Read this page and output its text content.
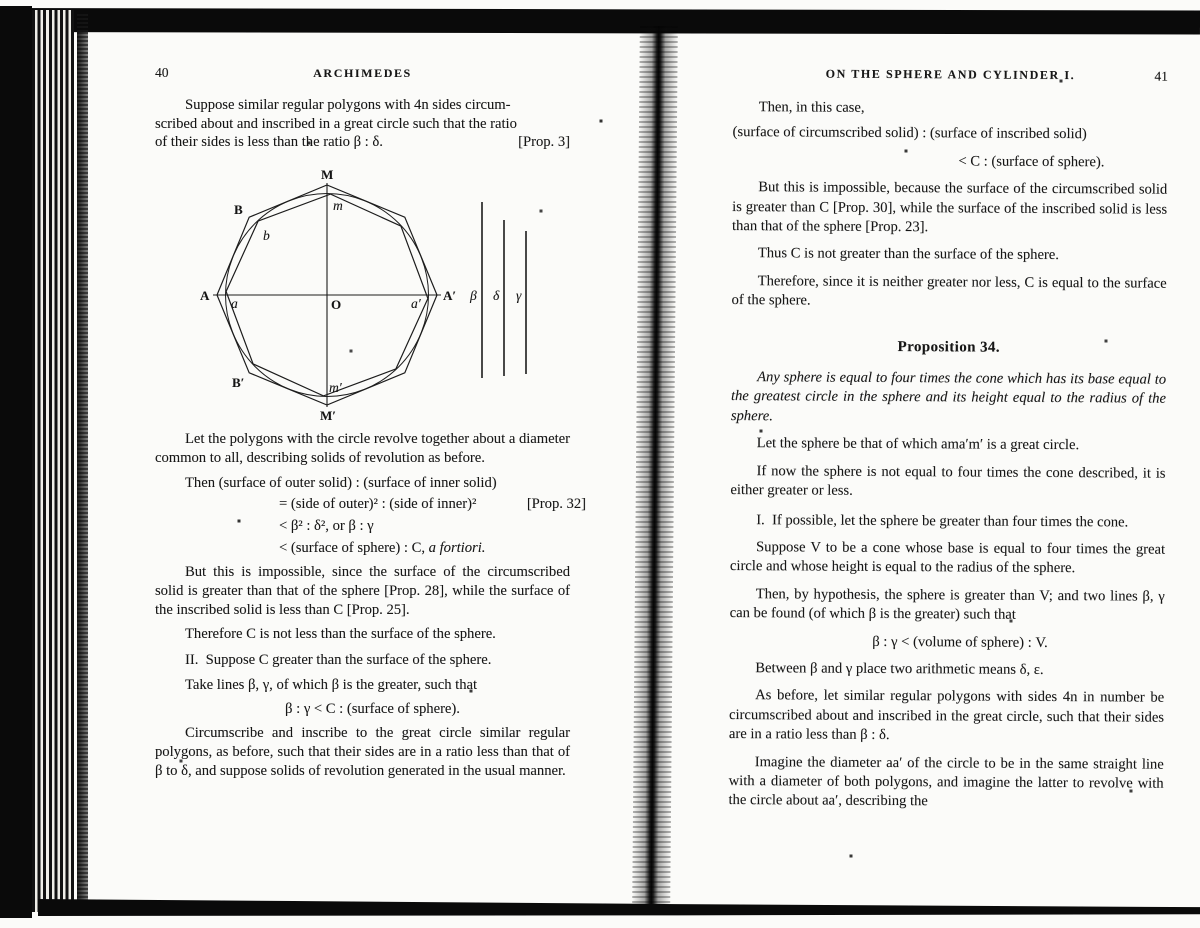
40	ARCHIMEDES
Suppose similar regular polygons with 4n sides circum-
scribed about and inscribed in a great circle such that the ratio
of their sides is less than the ratio β : δ.	[Prop. 3]
M
m
B
b
A
a	O	a′
A′
B′	m′
M′
β δ γ

Let the polygons with the circle revolve together about a diameter common to all, describing solids of revolution as before.

Then (surface of outer solid) : (surface of inner solid)

= (side of outer)² : (side of inner)²	[Prop. 32]
< β² : δ², or β : γ
< (surface of sphere) : C, a fortiori.

But this is impossible, since the surface of the circumscribed solid is greater than that of the sphere [Prop. 28], while the surface of the inscribed solid is less than C [Prop. 25].

Therefore C is not less than the surface of the sphere.

II.  Suppose C greater than the surface of the sphere.

Take lines β, γ, of which β is the greater, such that

β : γ < C : (surface of sphere).

Circumscribe and inscribe to the great circle similar regular polygons, as before, such that their sides are in a ratio less than that of β to δ, and suppose solids of revolution generated in the usual manner.

ON THE SPHERE AND CYLINDER I.	41

Then, in this case,

(surface of circumscribed solid) : (surface of inscribed solid)

< C : (surface of sphere).

But this is impossible, because the surface of the circumscribed solid is greater than C [Prop. 30], while the surface of the inscribed solid is less than that of the sphere [Prop. 23].

Thus C is not greater than the surface of the sphere.

Therefore, since it is neither greater nor less, C is equal to the surface of the sphere.

Proposition 34.

Any sphere is equal to four times the cone which has its base equal to the greatest circle in the sphere and its height equal to the radius of the sphere.

Let the sphere be that of which ama′m′ is a great circle.

If now the sphere is not equal to four times the cone described, it is either greater or less.

I.  If possible, let the sphere be greater than four times the cone.

Suppose V to be a cone whose base is equal to four times the great circle and whose height is equal to the radius of the sphere.

Then, by hypothesis, the sphere is greater than V; and two lines β, γ can be found (of which β is the greater) such that

β : γ < (volume of sphere) : V.

Between β and γ place two arithmetic means δ, ε.

As before, let similar regular polygons with sides 4n in number be circumscribed about and inscribed in the great circle, such that their sides are in a ratio less than β : δ.

Imagine the diameter aa′ of the circle to be in the same straight line with a diameter of both polygons, and imagine the latter to revolve with the circle about aa′, describing the
